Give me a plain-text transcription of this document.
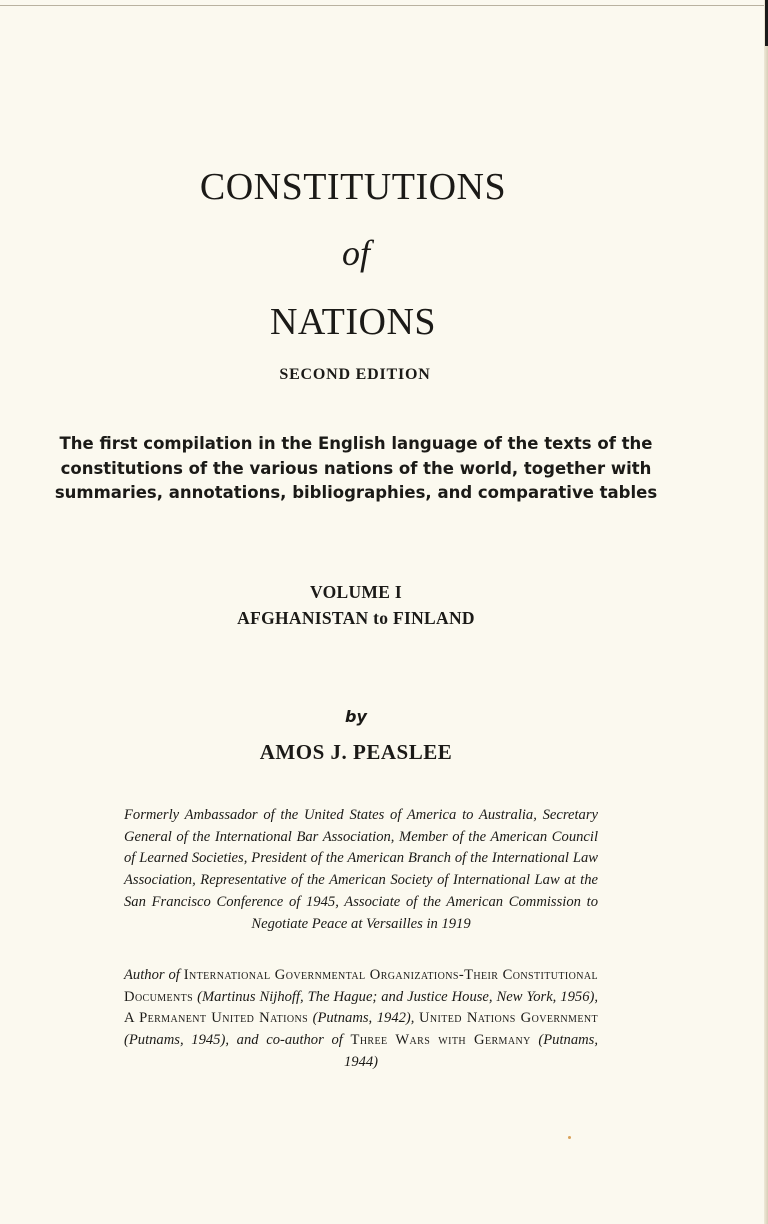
CONSTITUTIONS
of
NATIONS
SECOND EDITION
The first compilation in the English language of the texts of the constitutions of the various nations of the world, together with summaries, annotations, bibliographies, and comparative tables
VOLUME I
AFGHANISTAN to FINLAND
by
AMOS J. PEASLEE
Formerly Ambassador of the United States of America to Australia, Secretary General of the International Bar Association, Member of the American Council of Learned Societies, President of the American Branch of the International Law Association, Representative of the American Society of International Law at the San Francisco Conference of 1945, Associate of the American Commission to Negotiate Peace at Versailles in 1919
Author of International Governmental Organizations-Their Constitutional Documents (Martinus Nijhoff, The Hague; and Justice House, New York, 1956), A Permanent United Nations (Putnams, 1942), United Nations Government (Putnams, 1945), and co-author of Three Wars with Germany (Putnams, 1944)
